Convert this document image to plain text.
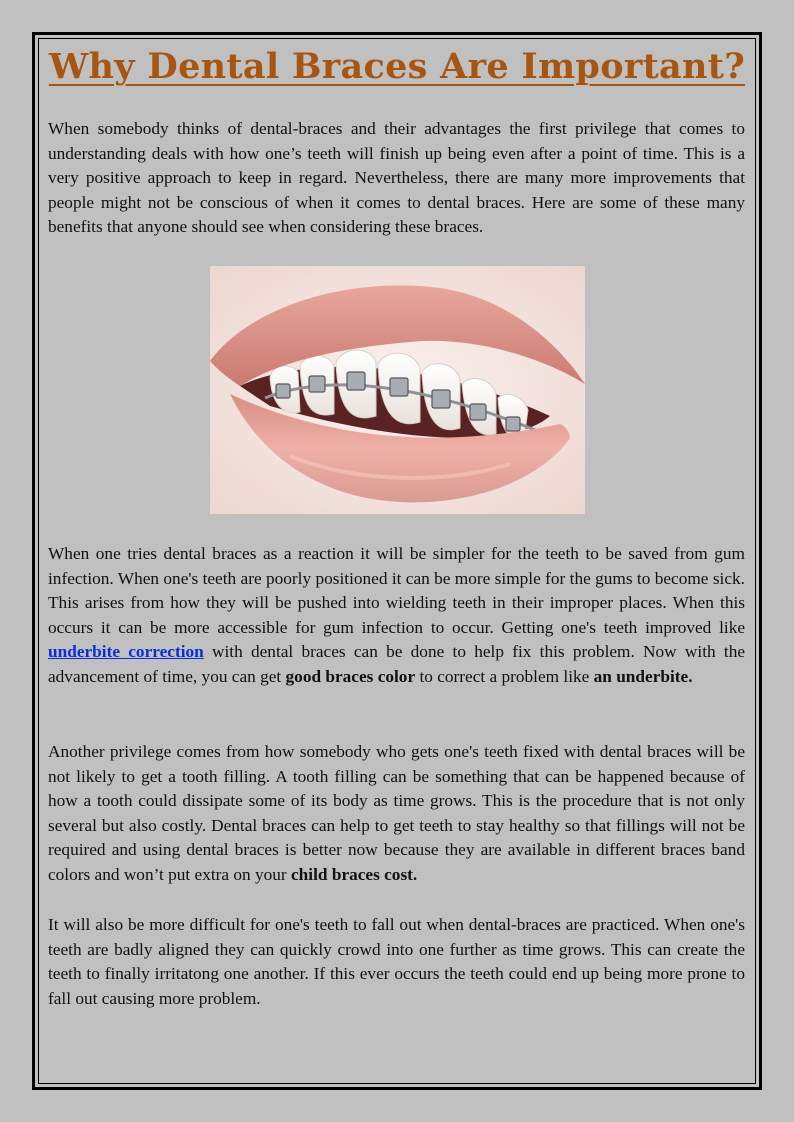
Why Dental Braces Are Important?

When somebody thinks of dental-braces and their advantages the first privilege that comes to understanding deals with how one’s teeth will finish up being even after a point of time. This is a very positive approach to keep in regard. Nevertheless, there are many more improvements that people might not be conscious of when it comes to dental braces. Here are some of these many benefits that anyone should see when considering these braces.

When one tries dental braces as a reaction it will be simpler for the teeth to be saved from gum infection. When one's teeth are poorly positioned it can be more simple for the gums to become sick. This arises from how they will be pushed into wielding teeth in their improper places. When this occurs it can be more accessible for gum infection to occur. Getting one's teeth improved like underbite correction with dental braces can be done to help fix this problem. Now with the advancement of time, you can get good braces color to correct a problem like an underbite.

Another privilege comes from how somebody who gets one's teeth fixed with dental braces will be not likely to get a tooth filling. A tooth filling can be something that can be happened because of how a tooth could dissipate some of its body as time grows. This is the procedure that is not only several but also costly. Dental braces can help to get teeth to stay healthy so that fillings will not be required and using dental braces is better now because they are available in different braces band colors and won’t put extra on your child braces cost.

It will also be more difficult for one's teeth to fall out when dental-braces are practiced. When one's teeth are badly aligned they can quickly crowd into one further as time grows. This can create the teeth to finally irritatong one another. If this ever occurs the teeth could end up being more prone to fall out causing more problem.
